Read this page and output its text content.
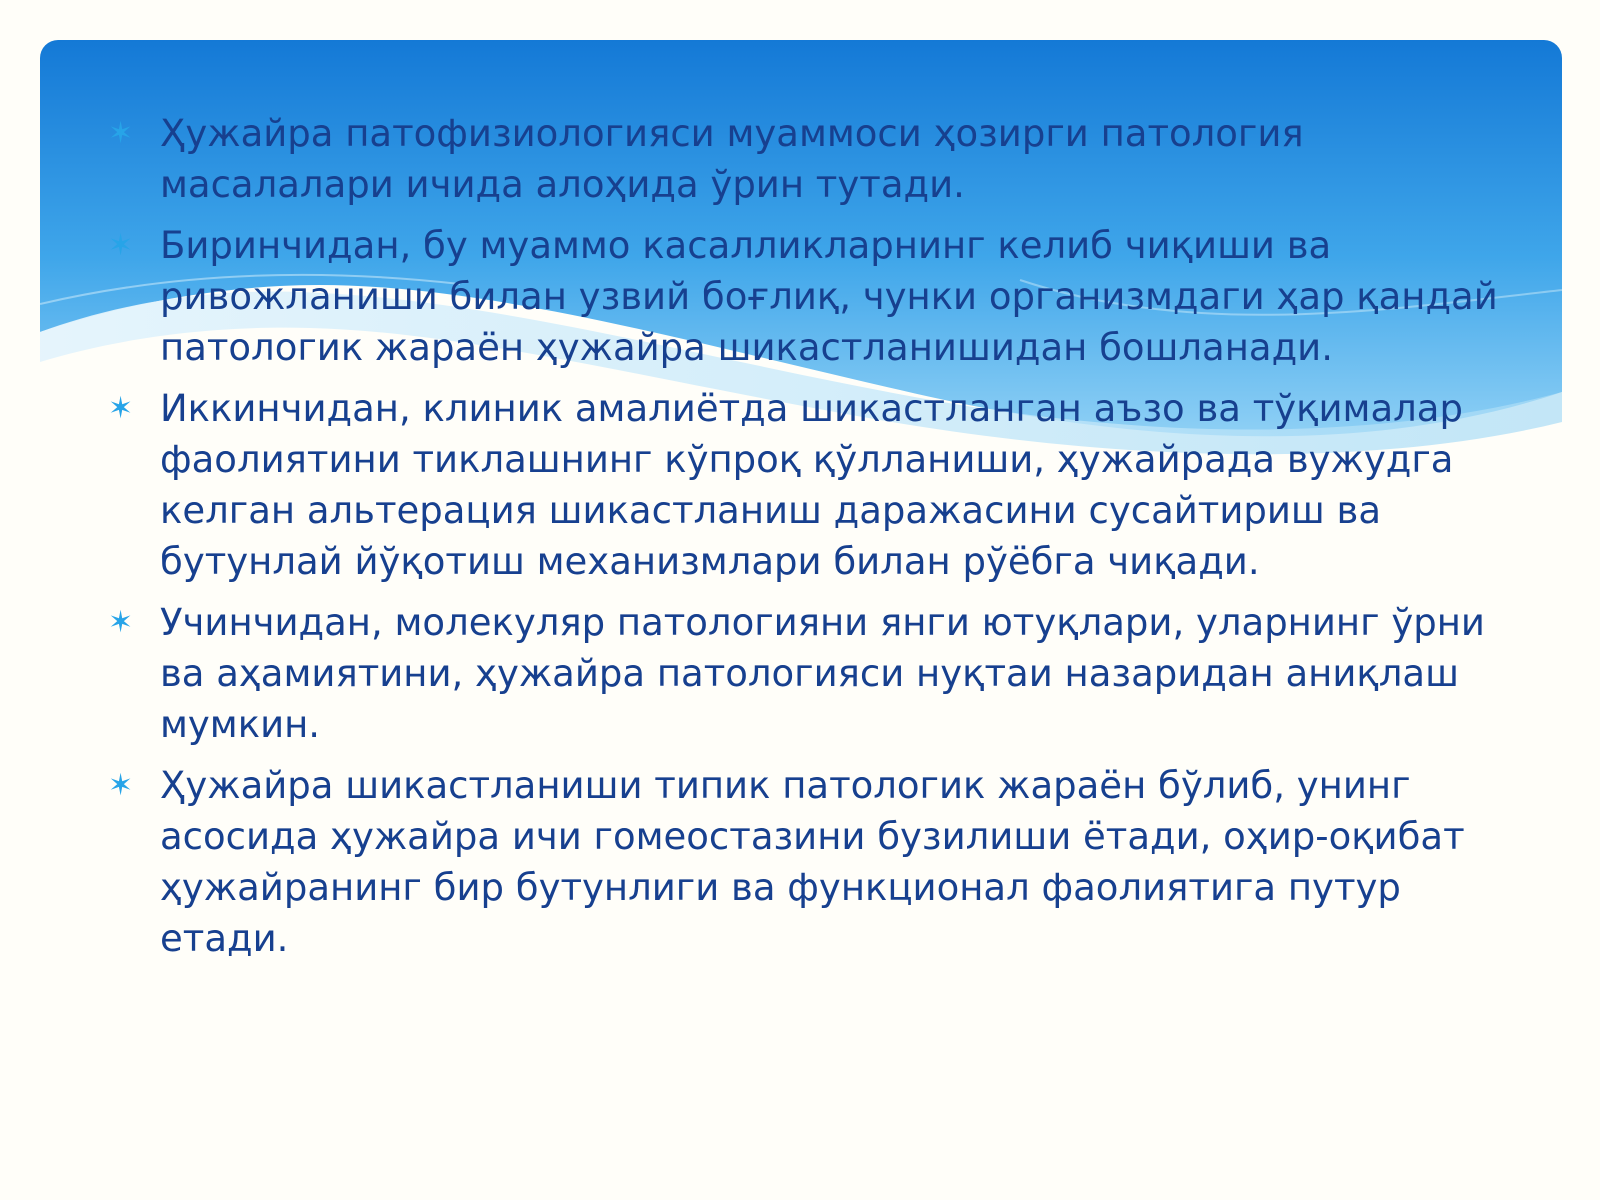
✶ Ҳужайра патофизиологияси муаммоси ҳозирги патология масалалари ичида алоҳида ўрин тутади.
✶ Биринчидан, бу муаммо касалликларнинг келиб чиқиши ва ривожланиши билан узвий боғлиқ, чунки организмдаги ҳар қандай патологик жараён ҳужайра шикастланишидан бошланади.
✶ Иккинчидан, клиник амалиётда шикастланган аъзо ва тўқималар фаолиятини тиклашнинг кўпроқ қўлланиши, ҳужайрада вужудга келган альтерация шикастланиш даражасини сусайтириш ва бутунлай йўқотиш механизмлари билан рўёбга чиқади.
✶ Учинчидан, молекуляр патологияни янги ютуқлари, уларнинг ўрни ва аҳамиятини, ҳужайра патологияси нуқтаи назаридан аниқлаш мумкин.
✶ Ҳужайра шикастланиши типик патологик жараён бўлиб, унинг асосида ҳужайра ичи гомеостазини бузилиши ётади, оҳир-оқибат ҳужайранинг бир бутунлиги ва функционал фаолиятига путур етади.
